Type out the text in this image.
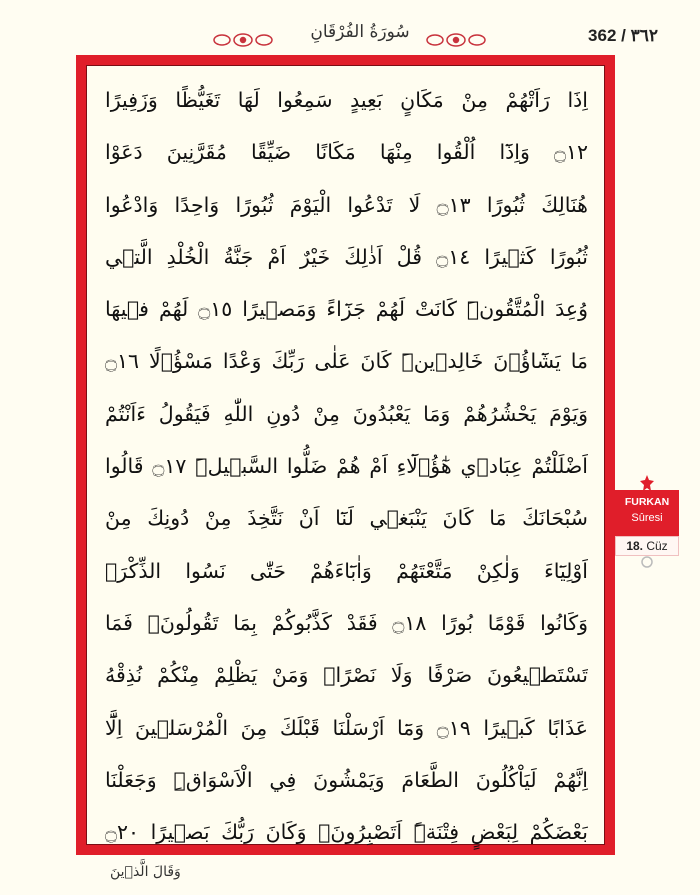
سُورَةُ الفُرْقَانِ	362 / ٣٦٢
اِذَا رَاَتْهُمْ مِنْ مَكَانٍ بَعِيدٍ سَمِعُوا لَهَا تَغَيُّظًا وَزَفِيرًا
۝١٢ وَاِذَٓا اُلْقُوا مِنْهَا مَكَانًا ضَيِّقًا مُقَرَّنِينَ دَعَوْا
هُنَالِكَ ثُبُورًا ۝١٣ لَا تَدْعُوا الْيَوْمَ ثُبُورًا وَاحِدًا وَادْعُوا
ثُبُورًا كَث۪يرًا ۝١٤ قُلْ اَذٰلِكَ خَيْرٌ اَمْ جَنَّةُ الْخُلْدِ الَّت۪ي
وُعِدَ الْمُتَّقُونَۜ كَانَتْ لَهُمْ جَزَٓاءً وَمَص۪يرًا ۝١٥ لَهُمْ ف۪يهَا
مَا يَشَٓاؤُ۫نَ خَالِد۪ينَۜ كَانَ عَلٰى رَبِّكَ وَعْدًا مَسْؤُ۫لًا ۝١٦
وَيَوْمَ يَحْشُرُهُمْ وَمَا يَعْبُدُونَ مِنْ دُونِ اللّٰهِ فَيَقُولُ ءَاَنْتُمْ
اَضْلَلْتُمْ عِبَاد۪ي هٰٓؤُ۬لَٓاءِ اَمْ هُمْ ضَلُّوا السَّب۪يلَۜ ۝١٧ قَالُوا
سُبْحَانَكَ مَا كَانَ يَنْبَغ۪ي لَنَٓا اَنْ نَتَّخِذَ مِنْ دُونِكَ مِنْ
اَوْلِيَٓاءَ وَلٰكِنْ مَتَّعْتَهُمْ وَاٰبَٓاءَهُمْ حَتّٰى نَسُوا الذِّكْرَۚ
وَكَانُوا قَوْمًا بُورًا ۝١٨ فَقَدْ كَذَّبُوكُمْ بِمَا تَقُولُونَۙ فَمَا
تَسْتَط۪يعُونَ صَرْفًا وَلَا نَصْرًاۚ وَمَنْ يَظْلِمْ مِنْكُمْ نُذِقْهُ
عَذَابًا كَب۪يرًا ۝١٩ وَمَٓا اَرْسَلْنَا قَبْلَكَ مِنَ الْمُرْسَل۪ينَ اِلَّٓا
اِنَّهُمْ لَيَاْكُلُونَ الطَّعَامَ وَيَمْشُونَ فِي الْاَسْوَاقِۜ وَجَعَلْنَا
بَعْضَكُمْ لِبَعْضٍ فِتْنَةًۜ اَتَصْبِرُونَۚ وَكَانَ رَبُّكَ بَص۪يرًا ۝٢٠
وَقَالَ الَّذ۪ينَ
FURKAN
Sûresi
18. Cüz
